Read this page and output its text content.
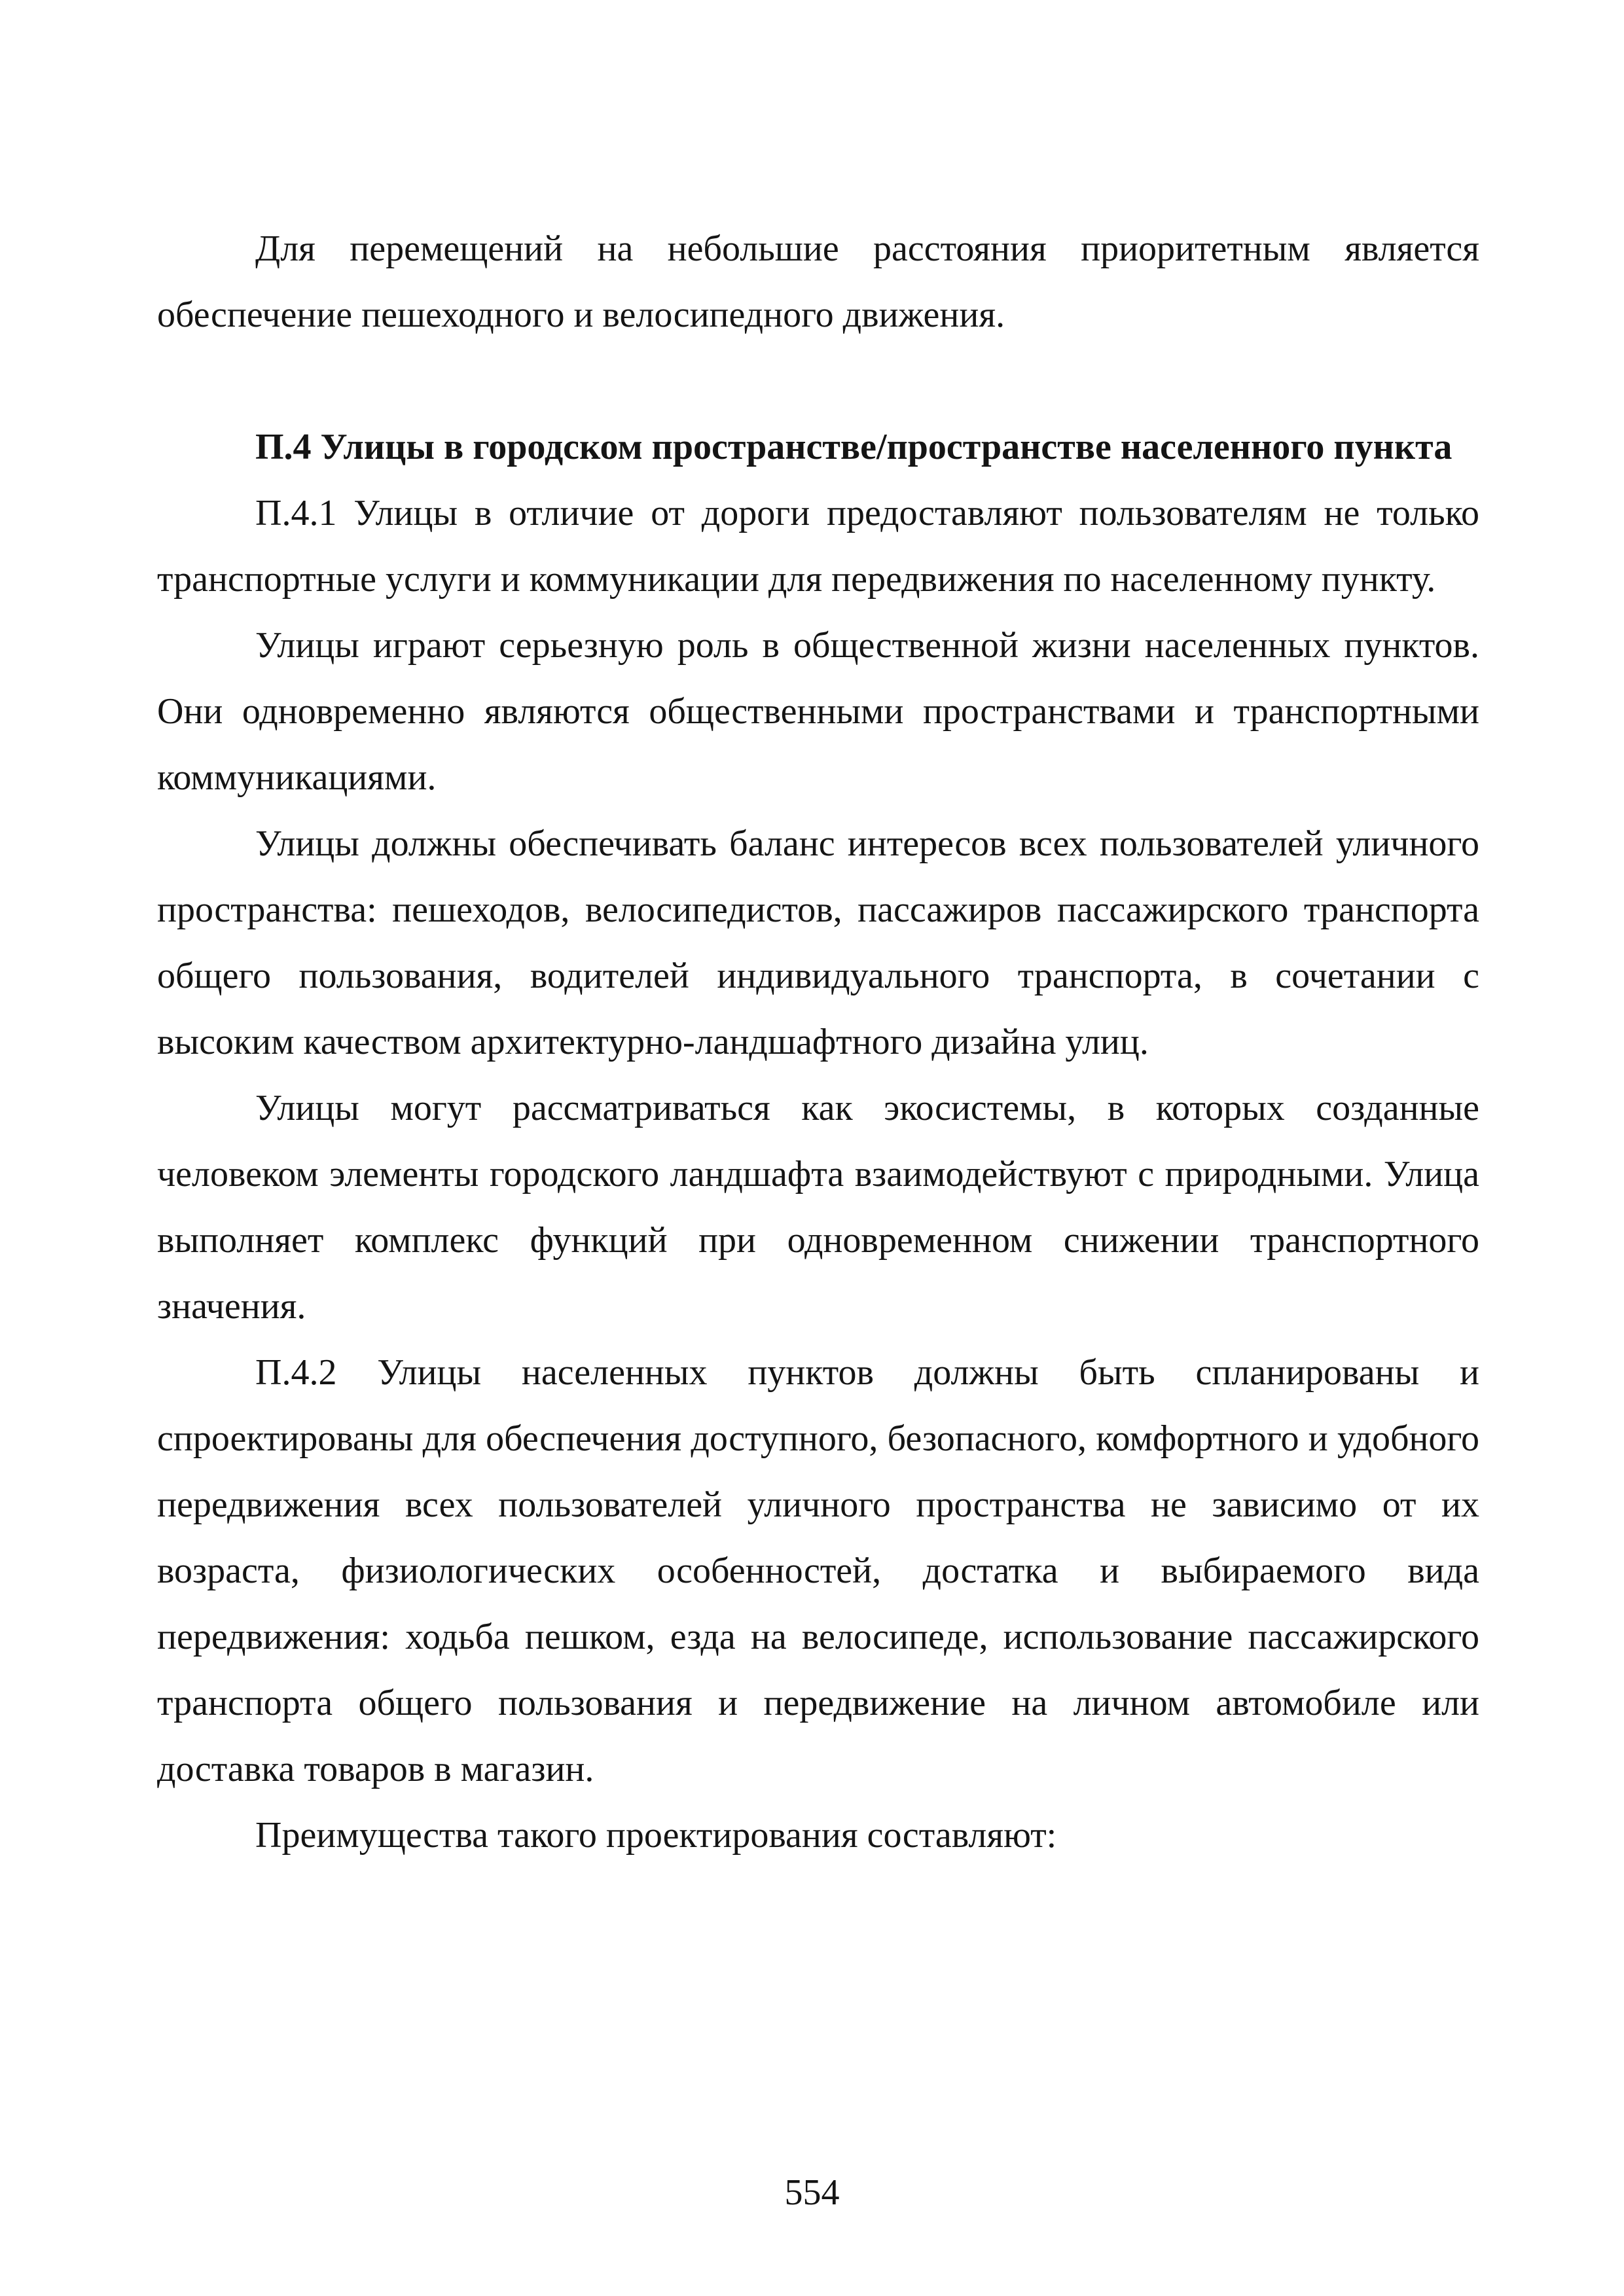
Для перемещений на небольшие расстояния приоритетным является обеспечение пешеходного и велосипедного движения.

П.4 Улицы в городском пространстве/пространстве населенного пункта

П.4.1 Улицы в отличие от дороги предоставляют пользователям не только транспортные услуги и коммуникации для передвижения по населенному пункту.

Улицы играют серьезную роль в общественной жизни населенных пунктов. Они одновременно являются общественными пространствами и транспортными коммуникациями.

Улицы должны обеспечивать баланс интересов всех пользователей уличного пространства: пешеходов, велосипедистов, пассажиров пассажирского транспорта общего пользования, водителей индивидуального транспорта, в сочетании с высоким качеством архитектурно-ландшафтного дизайна улиц.

Улицы могут рассматриваться как экосистемы, в которых созданные человеком элементы городского ландшафта взаимодействуют с природными. Улица выполняет комплекс функций при одновременном снижении транспортного значения.

П.4.2 Улицы населенных пунктов должны быть спланированы и спроектированы для обеспечения доступного, безопасного, комфортного и удобного передвижения всех пользователей уличного пространства не зависимо от их возраста, физиологических особенностей, достатка и выбираемого вида передвижения: ходьба пешком, езда на велосипеде, использование пассажирского транспорта общего пользования и передвижение на личном автомобиле или доставка товаров в магазин.

Преимущества такого проектирования составляют:

554
